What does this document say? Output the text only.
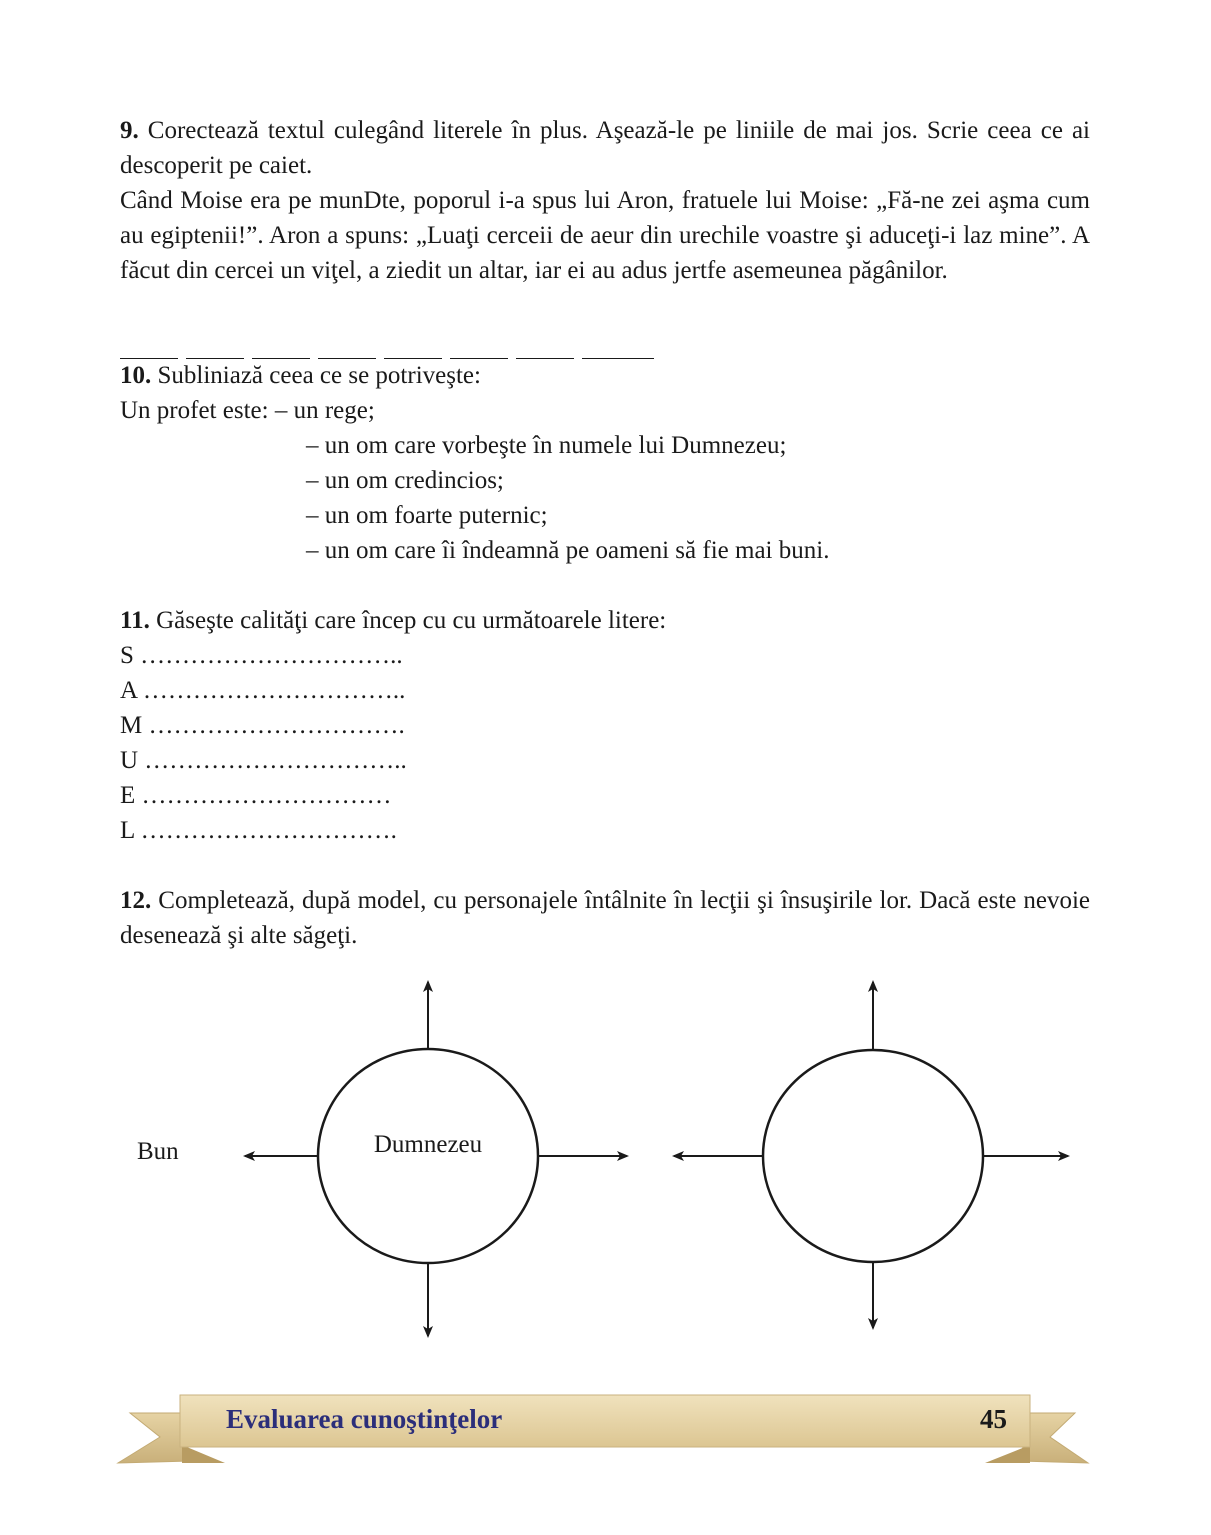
9. Corectează textul culegând literele în plus. Aşează-le pe liniile de mai jos. Scrie ceea ce ai descoperit pe caiet.
Când Moise era pe munDte, poporul i-a spus lui Aron, fratuele lui Moise: „Fă-ne zei aşma cum au egiptenii!”. Aron a spuns: „Luaţi cerceii de aeur din urechile voastre şi aduceţi-i laz mine”. A făcut din cercei un viţel, a ziedit un altar, iar ei au adus jertfe asemeunea păgânilor.
10. Subliniază ceea ce se potriveşte:
Un profet este: – un rege;
– un om care vorbeşte în numele lui Dumnezeu;
– un om credincios;
– un om foarte puternic;
– un om care îi îndeamnă pe oameni să fie mai buni.
11. Găseşte calităţi care încep cu cu următoarele litere:
S …………………………..
A …………………………..
M ………………………….
U …………………………..
E …………………………
L ………………………….
12. Completează, după model, cu personajele întâlnite în lecţii şi însuşirile lor. Dacă este nevoie desenează şi alte săgeţi.
Bun	Dumnezeu
Evaluarea cunoştinţelor	45
